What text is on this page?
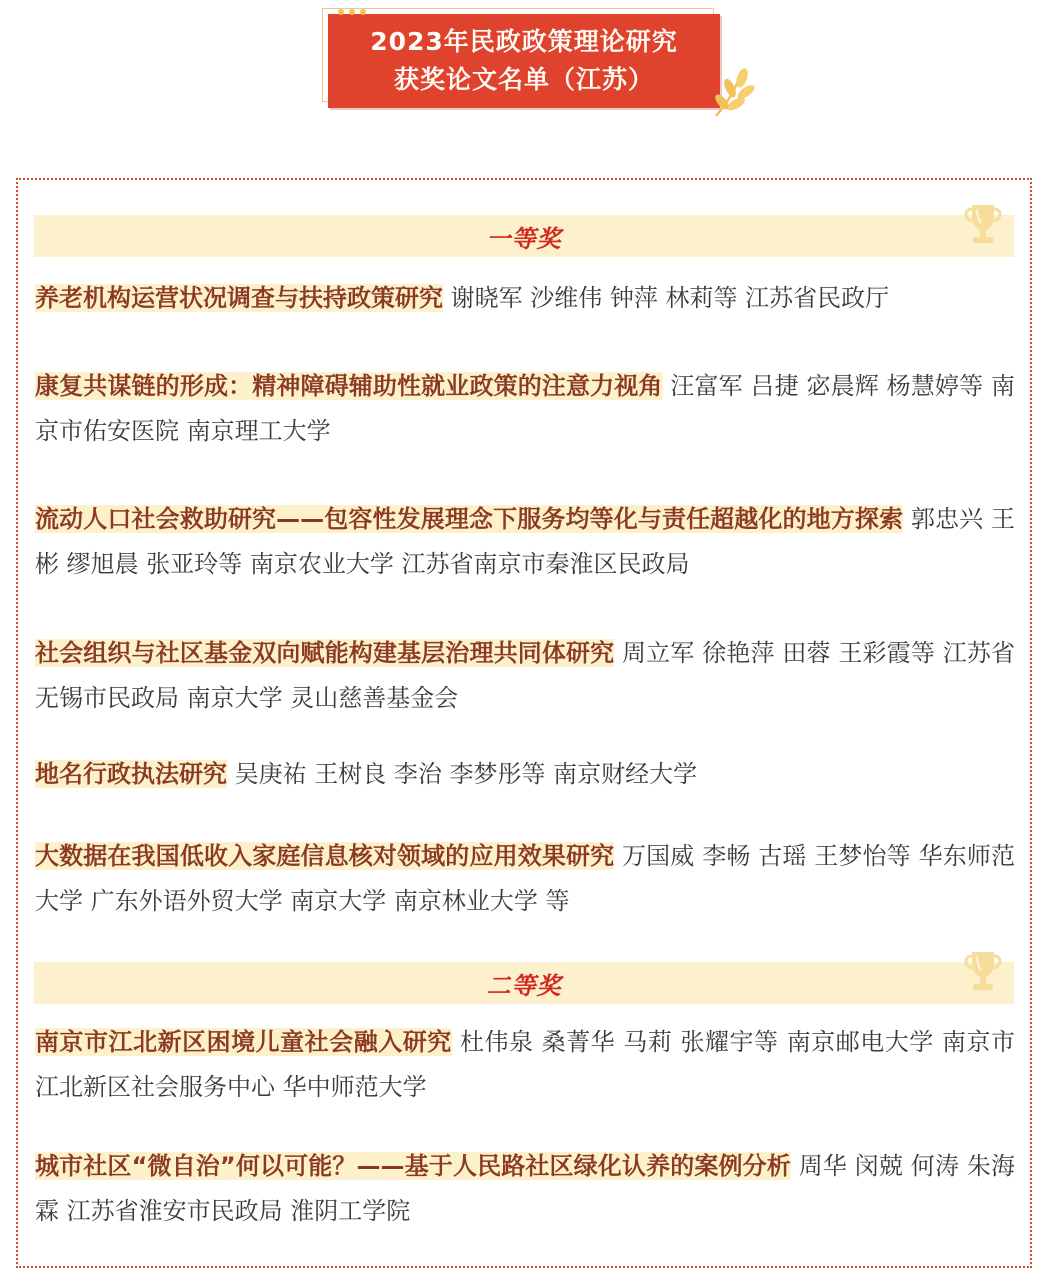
2023年民政政策理论研究
获奖论文名单（江苏）
一等奖
养老机构运营状况调查与扶持政策研究 谢晓军 沙维伟 钟萍 林莉等 江苏省民政厅
康复共谋链的形成：精神障碍辅助性就业政策的注意力视角 汪富军 吕捷 宓晨辉 杨慧婷等 南京市佑安医院 南京理工大学
流动人口社会救助研究——包容性发展理念下服务均等化与责任超越化的地方探索 郭忠兴 王彬 缪旭晨 张亚玲等 南京农业大学 江苏省南京市秦淮区民政局
社会组织与社区基金双向赋能构建基层治理共同体研究 周立军 徐艳萍 田蓉 王彩霞等 江苏省无锡市民政局 南京大学 灵山慈善基金会
地名行政执法研究 吴庚祐 王树良 李治 李梦彤等 南京财经大学
大数据在我国低收入家庭信息核对领域的应用效果研究 万国威 李畅 古瑶 王梦怡等 华东师范大学 广东外语外贸大学 南京大学 南京林业大学 等
二等奖
南京市江北新区困境儿童社会融入研究 杜伟泉 桑菁华 马莉 张耀宇等 南京邮电大学 南京市江北新区社会服务中心 华中师范大学
城市社区“微自治”何以可能？——基于人民路社区绿化认养的案例分析 周华 闵兢 何涛 朱海霖 江苏省淮安市民政局 淮阴工学院
